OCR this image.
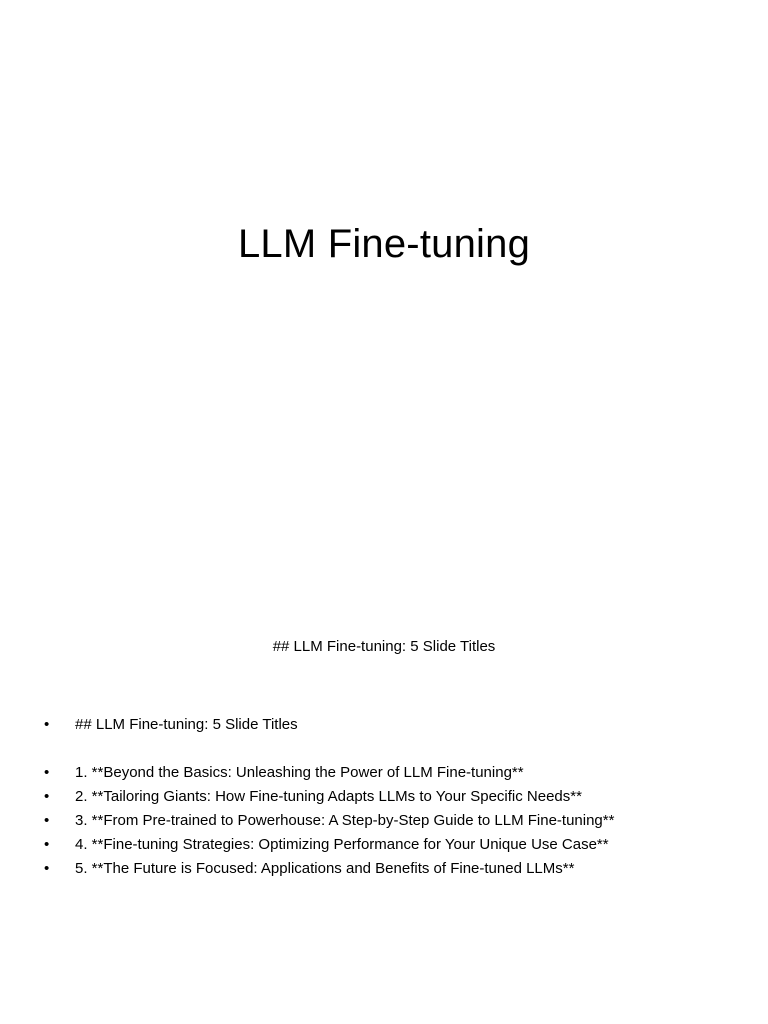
LLM Fine-tuning
## LLM Fine-tuning: 5 Slide Titles
•	## LLM Fine-tuning: 5 Slide Titles
•	1. **Beyond the Basics: Unleashing the Power of LLM Fine-tuning**
•	2. **Tailoring Giants: How Fine-tuning Adapts LLMs to Your Specific Needs**
•	3. **From Pre-trained to Powerhouse: A Step-by-Step Guide to LLM Fine-tuning**
•	4. **Fine-tuning Strategies: Optimizing Performance for Your Unique Use Case**
•	5. **The Future is Focused: Applications and Benefits of Fine-tuned LLMs**
